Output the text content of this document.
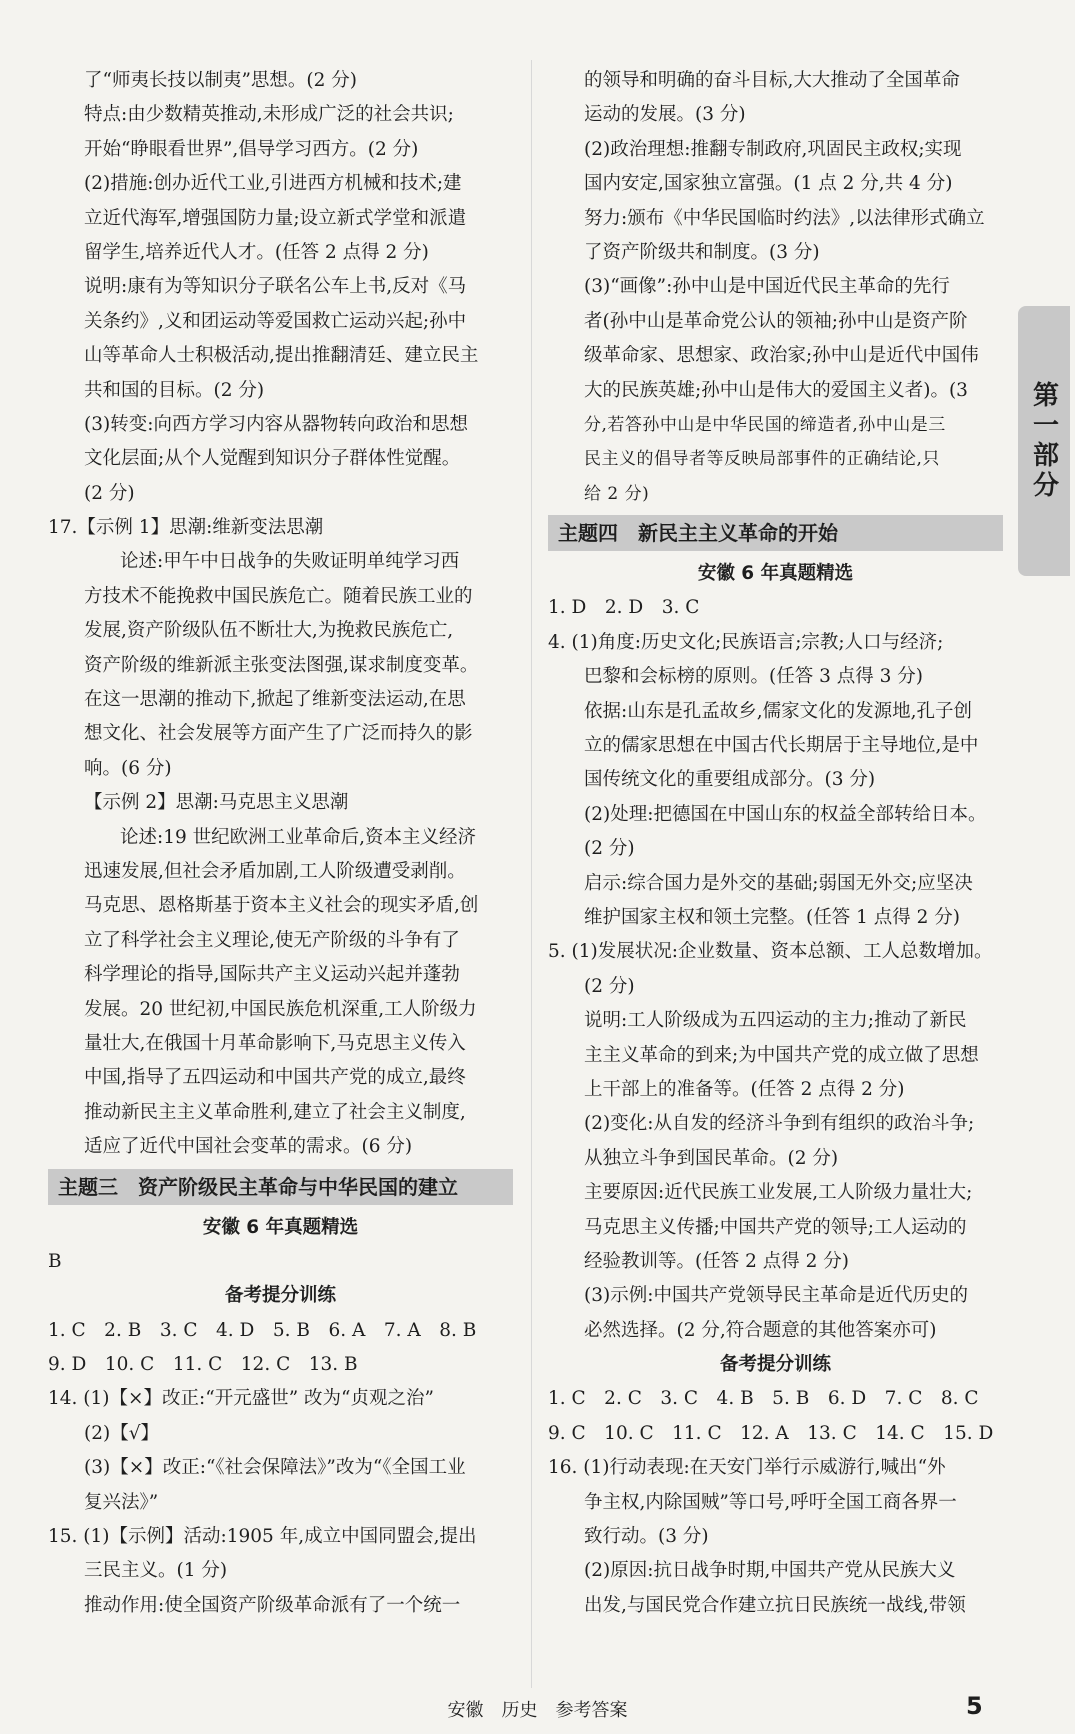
了“师夷长技以制夷”思想。(2 分)
特点:由少数精英推动,未形成广泛的社会共识;
开始“睁眼看世界”,倡导学习西方。(2 分)
(2)措施:创办近代工业,引进西方机械和技术;建
立近代海军,增强国防力量;设立新式学堂和派遣
留学生,培养近代人才。(任答 2 点得 2 分)
说明:康有为等知识分子联名公车上书,反对《马
关条约》,义和团运动等爱国救亡运动兴起;孙中
山等革命人士积极活动,提出推翻清廷、建立民主
共和国的目标。(2 分)
(3)转变:向西方学习内容从器物转向政治和思想
文化层面;从个人觉醒到知识分子群体性觉醒。
(2 分)
17.【示例 1】思潮:维新变法思潮
论述:甲午中日战争的失败证明单纯学习西
方技术不能挽救中国民族危亡。随着民族工业的
发展,资产阶级队伍不断壮大,为挽救民族危亡,
资产阶级的维新派主张变法图强,谋求制度变革。
在这一思潮的推动下,掀起了维新变法运动,在思
想文化、社会发展等方面产生了广泛而持久的影
响。(6 分)
【示例 2】思潮:马克思主义思潮
论述:19 世纪欧洲工业革命后,资本主义经济
迅速发展,但社会矛盾加剧,工人阶级遭受剥削。
马克思、恩格斯基于资本主义社会的现实矛盾,创
立了科学社会主义理论,使无产阶级的斗争有了
科学理论的指导,国际共产主义运动兴起并蓬勃
发展。20 世纪初,中国民族危机深重,工人阶级力
量壮大,在俄国十月革命影响下,马克思主义传入
中国,指导了五四运动和中国共产党的成立,最终
推动新民主主义革命胜利,建立了社会主义制度,
适应了近代中国社会变革的需求。(6 分)
主题三　资产阶级民主革命与中华民国的建立
安徽 6 年真题精选
B
备考提分训练
1. C　2. B　3. C　4. D　5. B　6. A　7. A　8. B
9. D　10. C　11. C　12. C　13. B
14. (1)【×】改正:“开元盛世” 改为“贞观之治”
(2)【√】
(3)【×】改正:“《社会保障法》”改为“《全国工业
复兴法》”
15. (1)【示例】活动:1905 年,成立中国同盟会,提出
三民主义。(1 分)
推动作用:使全国资产阶级革命派有了一个统一
的领导和明确的奋斗目标,大大推动了全国革命
运动的发展。(3 分)
(2)政治理想:推翻专制政府,巩固民主政权;实现
国内安定,国家独立富强。(1 点 2 分,共 4 分)
努力:颁布《中华民国临时约法》,以法律形式确立
了资产阶级共和制度。(3 分)
(3)“画像”:孙中山是中国近代民主革命的先行
者(孙中山是革命党公认的领袖;孙中山是资产阶
级革命家、思想家、政治家;孙中山是近代中国伟
大的民族英雄;孙中山是伟大的爱国主义者)。(3
分,若答孙中山是中华民国的缔造者,孙中山是三
民主义的倡导者等反映局部事件的正确结论,只
给 2 分)
主题四　新民主主义革命的开始
安徽 6 年真题精选
1. D　2. D　3. C
4. (1)角度:历史文化;民族语言;宗教;人口与经济;
巴黎和会标榜的原则。(任答 3 点得 3 分)
依据:山东是孔孟故乡,儒家文化的发源地,孔子创
立的儒家思想在中国古代长期居于主导地位,是中
国传统文化的重要组成部分。(3 分)
(2)处理:把德国在中国山东的权益全部转给日本。
(2 分)
启示:综合国力是外交的基础;弱国无外交;应坚决
维护国家主权和领土完整。(任答 1 点得 2 分)
5. (1)发展状况:企业数量、资本总额、工人总数增加。
(2 分)
说明:工人阶级成为五四运动的主力;推动了新民
主主义革命的到来;为中国共产党的成立做了思想
上干部上的准备等。(任答 2 点得 2 分)
(2)变化:从自发的经济斗争到有组织的政治斗争;
从独立斗争到国民革命。(2 分)
主要原因:近代民族工业发展,工人阶级力量壮大;
马克思主义传播;中国共产党的领导;工人运动的
经验教训等。(任答 2 点得 2 分)
(3)示例:中国共产党领导民主革命是近代历史的
必然选择。(2 分,符合题意的其他答案亦可)
备考提分训练
1. C　2. C　3. C　4. B　5. B　6. D　7. C　8. C
9. C　10. C　11. C　12. A　13. C　14. C　15. D
16. (1)行动表现:在天安门举行示威游行,喊出“外
争主权,内除国贼”等口号,呼吁全国工商各界一
致行动。(3 分)
(2)原因:抗日战争时期,中国共产党从民族大义
出发,与国民党合作建立抗日民族统一战线,带领
第一部分
安徽　历史　参考答案	5
